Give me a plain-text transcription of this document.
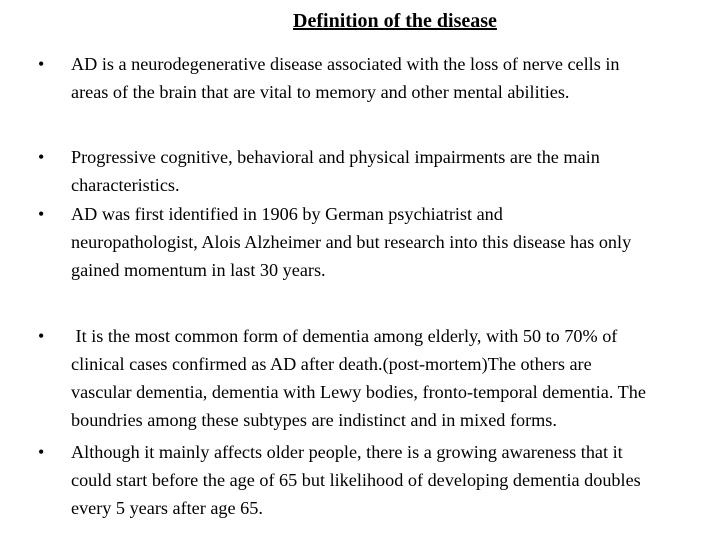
Definition of the disease
•	AD is a neurodegenerative disease associated with the loss of nerve cells in
areas of the brain that are vital to memory and other mental abilities.
•	Progressive cognitive, behavioral and physical impairments are the main
characteristics.
•	AD was first identified in 1906 by German psychiatrist and
neuropathologist, Alois Alzheimer and but research into this disease has only
gained momentum in last 30 years.
•	It is the most common form of dementia among elderly, with 50 to 70% of
clinical cases confirmed as AD after death.(post-mortem)The others are
vascular dementia, dementia with Lewy bodies, fronto-temporal dementia. The
boundries among these subtypes are indistinct and in mixed forms.
•	Although it mainly affects older people, there is a growing awareness that it
could start before the age of 65 but likelihood of developing dementia doubles
every 5 years after age 65.
